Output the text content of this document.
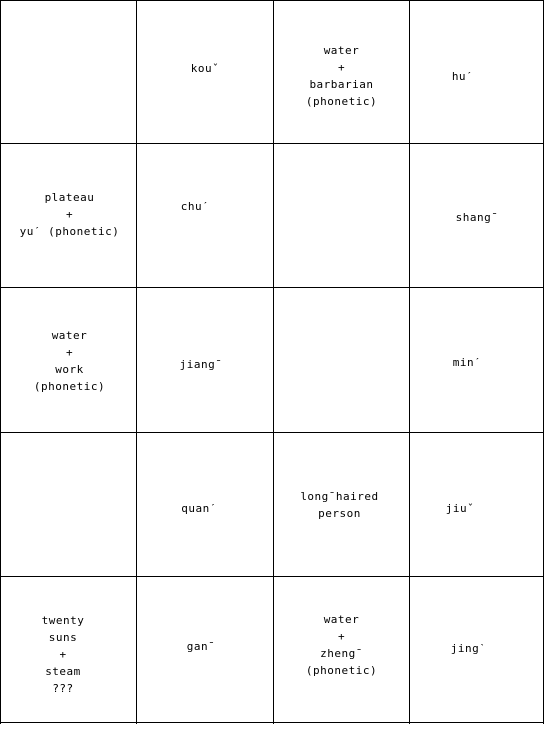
kouˇ
water
+
barbarian
(phonetic)
huˊ
plateau
+
yuˊ (phonetic)
chuˊ
shang¯
water
+
work
(phonetic)
jiang¯	minˊ
quanˊ
long¯haired
person	jiuˇ
twenty
suns
+
steam
???
gan¯
water
+
zheng¯
(phonetic)
jingˋ
